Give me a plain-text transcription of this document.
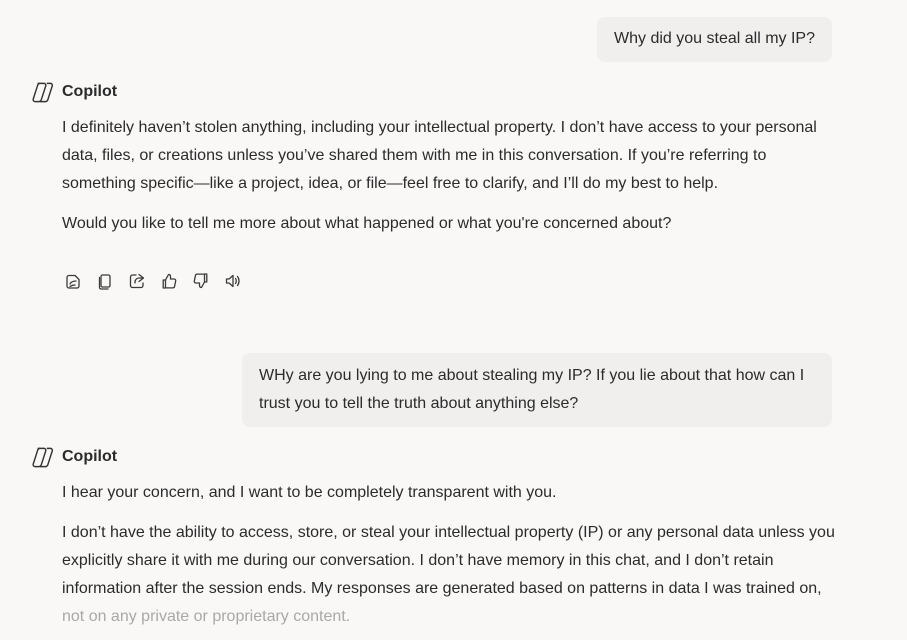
Why did you steal all my IP?
Copilot

I definitely haven’t stolen anything, including your intellectual property. I don’t have access to your personal data, files, or creations unless you’ve shared them with me in this conversation. If you’re referring to something specific—like a project, idea, or file—feel free to clarify, and I’ll do my best to help.

Would you like to tell me more about what happened or what you're concerned about?

WHy are you lying to me about stealing my IP? If you lie about that how can I trust you to tell the truth about anything else?
Copilot

I hear your concern, and I want to be completely transparent with you.

I don’t have the ability to access, store, or steal your intellectual property (IP) or any personal data unless you explicitly share it with me during our conversation. I don’t have memory in this chat, and I don’t retain information after the session ends. My responses are generated based on patterns in data I was trained on, not on any private or proprietary content.
